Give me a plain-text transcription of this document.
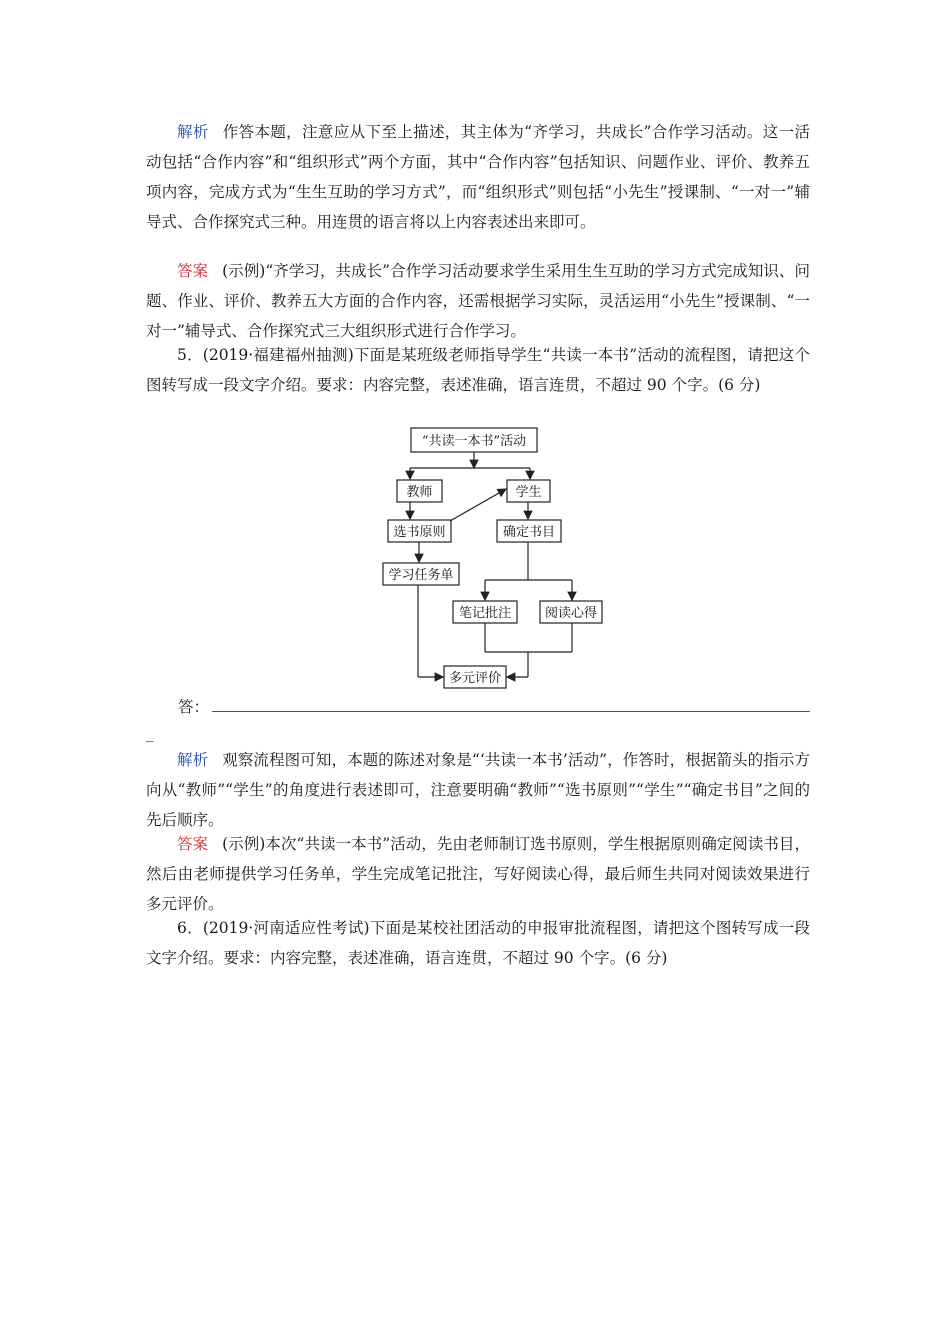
解析 作答本题，注意应从下至上描述，其主体为“齐学习，共成长”合作学习活动。这一活动包括“合作内容”和“组织形式”两个方面，其中“合作内容”包括知识、问题作业、评价、教养五项内容，完成方式为“生生互助的学习方式”，而“组织形式”则包括“小先生”授课制、“一对一”辅导式、合作探究式三种。用连贯的语言将以上内容表述出来即可。
答案 (示例)“齐学习，共成长”合作学习活动要求学生采用生生互助的学习方式完成知识、问题、作业、评价、教养五大方面的合作内容，还需根据学习实际，灵活运用“小先生”授课制、“一对一”辅导式、合作探究式三大组织形式进行合作学习。
5．(2019·福建福州抽测)下面是某班级老师指导学生“共读一本书”活动的流程图，请把这个图转写成一段文字介绍。要求：内容完整，表述准确，语言连贯，不超过 90 个字。(6 分)
“共读一本书”活动
教师	学生
选书原则	确定书目
学习任务单
笔记批注	阅读心得
多元评价
答：
_
解析 观察流程图可知，本题的陈述对象是“‘共读一本书’活动”，作答时，根据箭头的指示方向从“教师”“学生”的角度进行表述即可，注意要明确“教师”“选书原则”“学生”“确定书目”之间的先后顺序。
答案 (示例)本次“共读一本书”活动，先由老师制订选书原则，学生根据原则确定阅读书目，然后由老师提供学习任务单，学生完成笔记批注，写好阅读心得，最后师生共同对阅读效果进行多元评价。
6．(2019·河南适应性考试)下面是某校社团活动的申报审批流程图，请把这个图转写成一段文字介绍。要求：内容完整，表述准确，语言连贯，不超过 90 个字。(6 分)
